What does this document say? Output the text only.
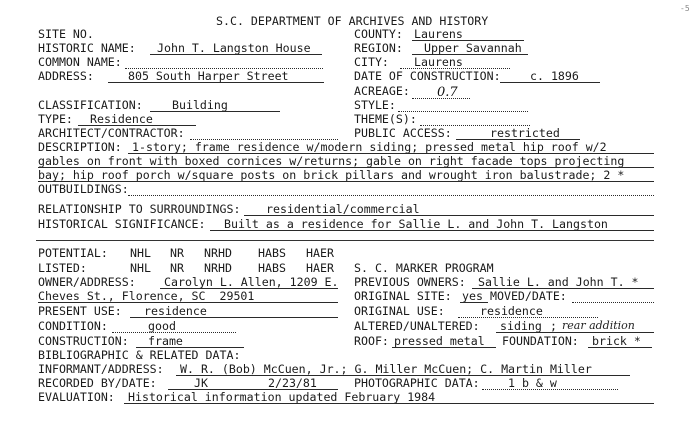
S.C. DEPARTMENT OF ARCHIVES AND HISTORY
-5
SITE NO.	COUNTY: Laurens
HISTORIC NAME: John T. Langston House	REGION: Upper Savannah
COMMON NAME:	CITY: Laurens
ADDRESS:	805 South Harper Street	DATE OF CONSTRUCTION:	c. 1896
ACREAGE: 0.7
CLASSIFICATION:	Building	STYLE:
TYPE: Residence	THEME(S):
ARCHITECT/CONTRACTOR:	PUBLIC ACCESS:	restricted
DESCRIPTION: 1-story; frame residence w/modern siding; pressed metal hip roof w/2
gables on front with boxed cornices w/returns; gable on right facade tops projecting
bay; hip roof porch w/square posts on brick pillars and wrought iron balustrade; 2 *
OUTBUILDINGS:
RELATIONSHIP TO SURROUNDINGS: residential/commercial
HISTORICAL SIGNIFICANCE: Built as a residence for Sallie L. and John T. Langston
POTENTIAL: NHL NR NRHD HABS HAER
LISTED:	NHL NR NRHD HABS HAER S. C. MARKER PROGRAM
OWNER/ADDRESS: Carolyn L. Allen, 1209 E. PREVIOUS OWNERS: Sallie L. and John T. *
Cheves St., Florence, SC  29501	ORIGINAL SITE: yes MOVED/DATE:
PRESENT USE: residence	ORIGINAL USE:	residence
CONDITION:	good	ALTERED/UNALTERED: siding ; rear addition
CONSTRUCTION: frame	ROOF: pressed metal FOUNDATION: brick *
BIBLIOGRAPHIC & RELATED DATA:
INFORMANT/ADDRESS: W. R. (Bob) McCuen, Jr.; G. Miller McCuen; C. Martin Miller
RECORDED BY/DATE:	JK	2/23/81	PHOTOGRAPHIC DATA: 1 b & w
EVALUATION: Historical information updated February 1984
